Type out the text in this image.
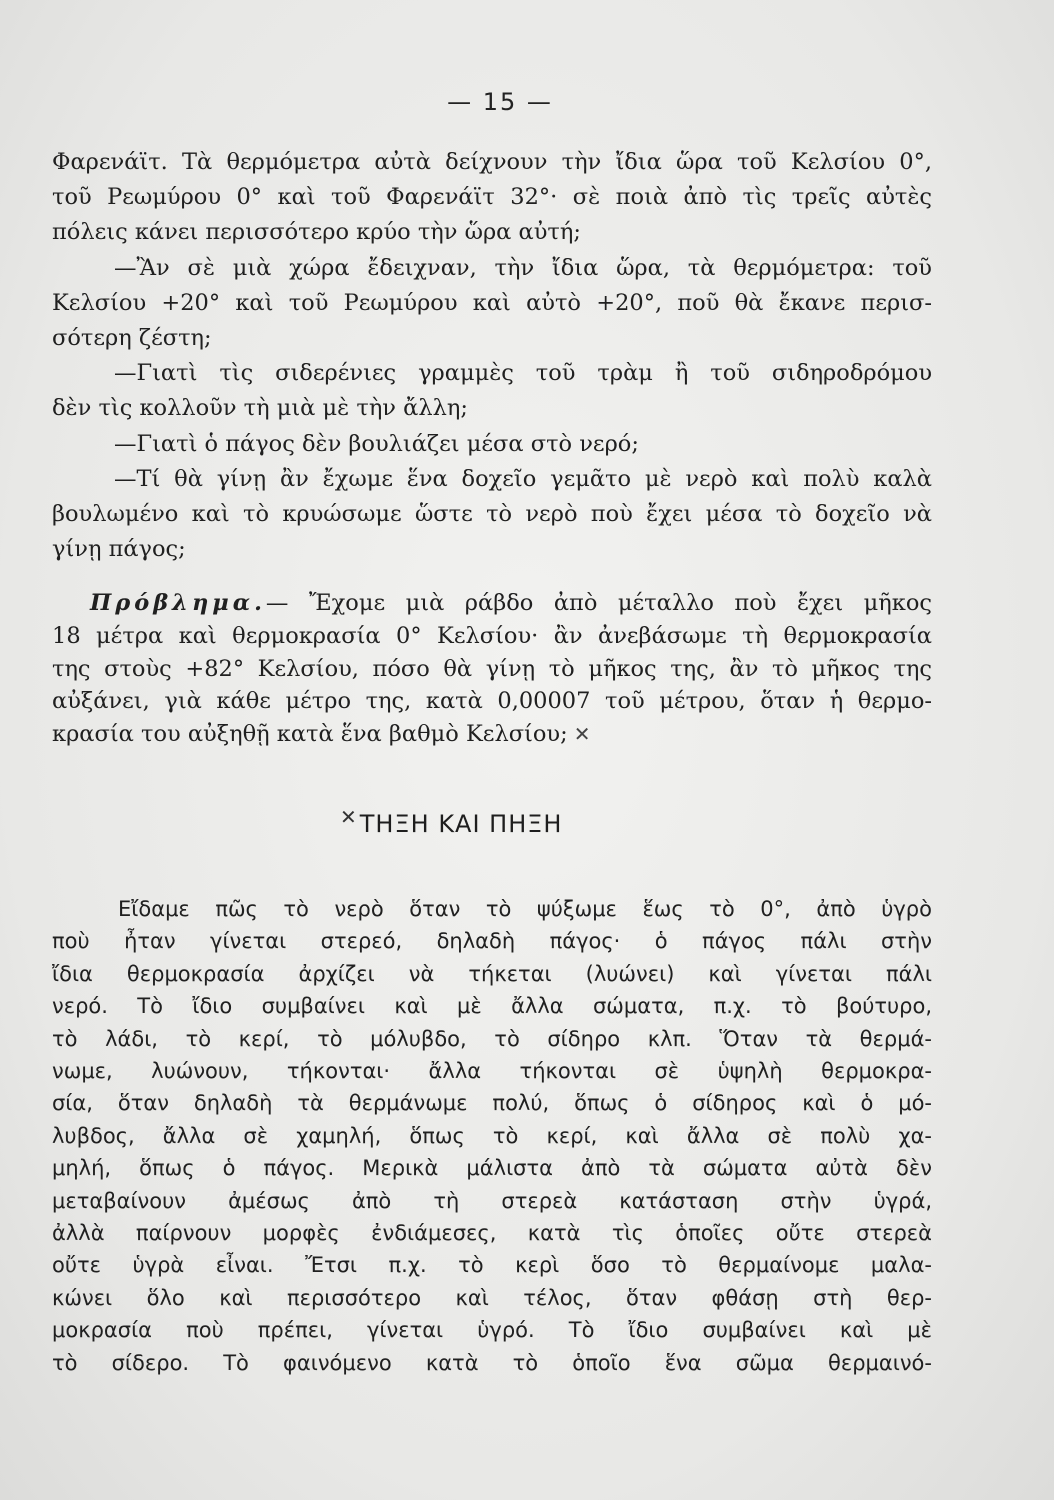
— 15 —
Φαρενάϊτ. Τὰ θερμόμετρα αὐτὰ δείχνουν τὴν ἴδια ὥρα τοῦ Κελσίου 0°,
τοῦ Ρεωμύρου 0° καὶ τοῦ Φαρενάϊτ 32°· σὲ ποιὰ ἀπὸ τὶς τρεῖς αὐτὲς
πόλεις κάνει περισσότερο κρύο τὴν ὥρα αὐτή;
—Ἂν σὲ μιὰ χώρα ἔδειχναν, τὴν ἴδια ὥρα, τὰ θερμόμετρα: τοῦ
Κελσίου +20° καὶ τοῦ Ρεωμύρου καὶ αὐτὸ +20°, ποῦ θὰ ἔκανε περισ-
σότερη ζέστη;
—Γιατὶ τὶς σιδερένιες γραμμὲς τοῦ τρὰμ ἢ τοῦ σιδηροδρόμου
δὲν τὶς κολλοῦν τὴ μιὰ μὲ τὴν ἄλλη;
—Γιατὶ ὁ πάγος δὲν βουλιάζει μέσα στὸ νερό;
—Τί θὰ γίνῃ ἂν ἔχωμε ἕνα δοχεῖο γεμᾶτο μὲ νερὸ καὶ πολὺ καλὰ
βουλωμένο καὶ τὸ κρυώσωμε ὥστε τὸ νερὸ ποὺ ἔχει μέσα τὸ δοχεῖο νὰ
γίνῃ πάγος;
Πρόβλημα.— Ἔχομε μιὰ ράβδο ἀπὸ μέταλλο ποὺ ἔχει μῆκος
18 μέτρα καὶ θερμοκρασία 0° Κελσίου· ἂν ἀνεβάσωμε τὴ θερμοκρασία
της στοὺς +82° Κελσίου, πόσο θὰ γίνῃ τὸ μῆκος της, ἂν τὸ μῆκος της
αὐξάνει, γιὰ κάθε μέτρο της, κατὰ 0,00007 τοῦ μέτρου, ὅταν ἡ θερμο-
κρασία του αὐξηθῇ κατὰ ἕνα βαθμὸ Κελσίου; ✕
✕ΤΗΞΗ ΚΑΙ ΠΗΞΗ
Εἴδαμε πῶς τὸ νερὸ ὅταν τὸ ψύξωμε ἕως τὸ 0°, ἀπὸ ὑγρὸ
ποὺ ἦταν γίνεται στερεό, δηλαδὴ πάγος· ὁ πάγος πάλι στὴν
ἴδια θερμοκρασία ἀρχίζει νὰ τήκεται (λυώνει) καὶ γίνεται πάλι
νερό. Τὸ ἴδιο συμβαίνει καὶ μὲ ἄλλα σώματα, π.χ. τὸ βούτυρο,
τὸ λάδι, τὸ κερί, τὸ μόλυβδο, τὸ σίδηρο κλπ. Ὅταν τὰ θερμά-
νωμε, λυώνουν, τήκονται· ἄλλα τήκονται σὲ ὑψηλὴ θερμοκρα-
σία, ὅταν δηλαδὴ τὰ θερμάνωμε πολύ, ὅπως ὁ σίδηρος καὶ ὁ μό-
λυβδος, ἄλλα σὲ χαμηλή, ὅπως τὸ κερί, καὶ ἄλλα σὲ πολὺ χα-
μηλή, ὅπως ὁ πάγος. Μερικὰ μάλιστα ἀπὸ τὰ σώματα αὐτὰ δὲν
μεταβαίνουν ἀμέσως ἀπὸ τὴ στερεὰ κατάσταση στὴν ὑγρά,
ἀλλὰ παίρνουν μορφὲς ἐνδιάμεσες, κατὰ τὶς ὁποῖες οὔτε στερεὰ
οὔτε ὑγρὰ εἶναι. Ἔτσι π.χ. τὸ κερὶ ὅσο τὸ θερμαίνομε μαλα-
κώνει ὅλο καὶ περισσότερο καὶ τέλος, ὅταν φθάσῃ στὴ θερ-
μοκρασία ποὺ πρέπει, γίνεται ὑγρό. Τὸ ἴδιο συμβαίνει καὶ μὲ
τὸ σίδερο. Τὸ φαινόμενο κατὰ τὸ ὁποῖο ἕνα σῶμα θερμαινό-
